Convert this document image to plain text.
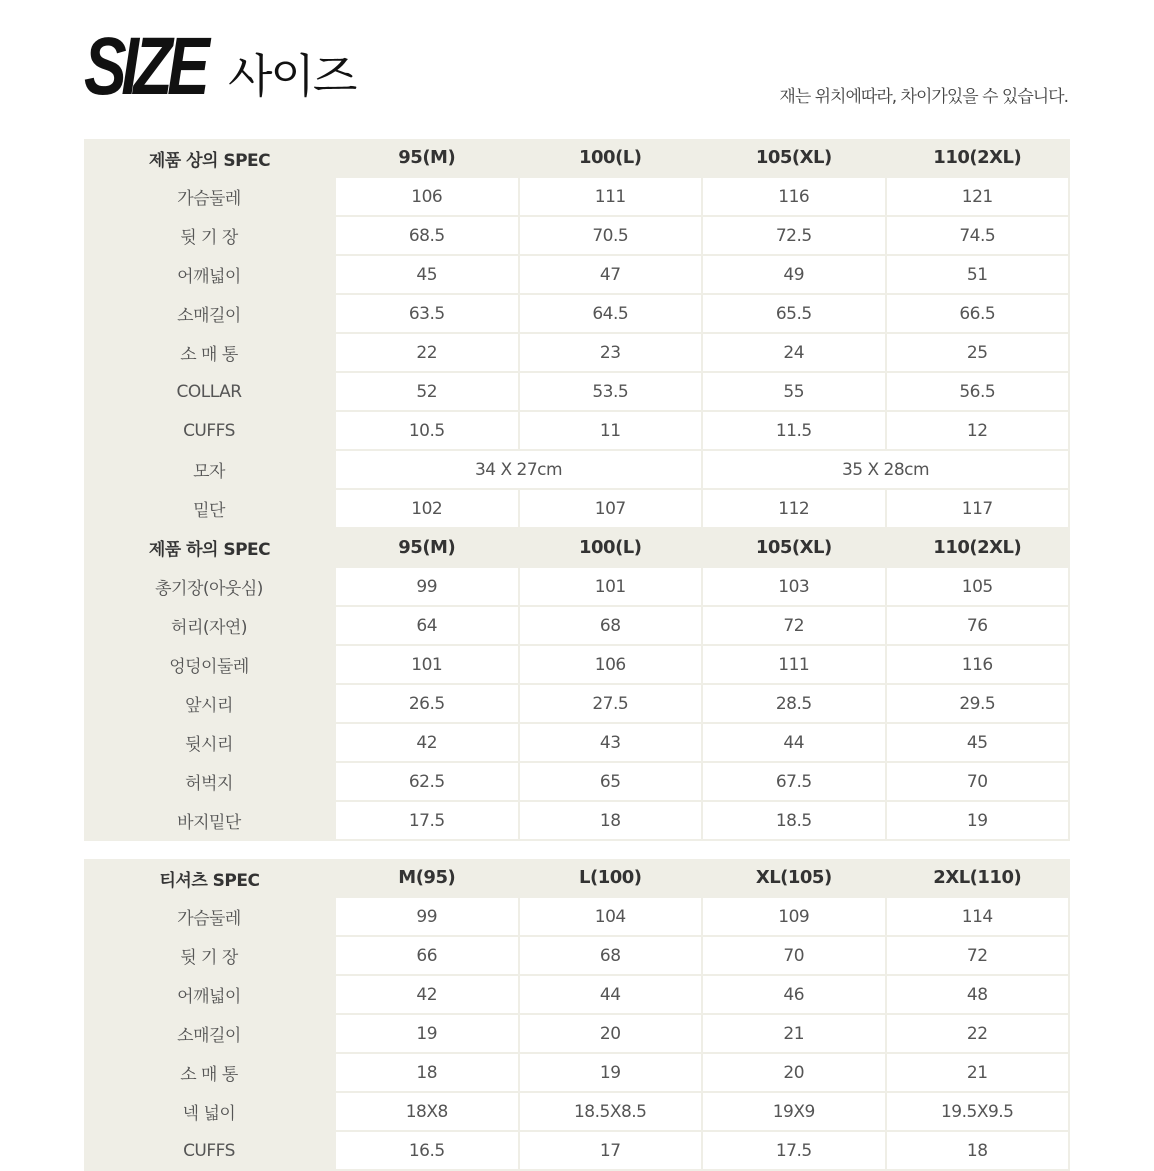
SIZE 사이즈	재는 위치에따라, 차이가있을 수 있습니다.
제품 상의 SPEC	95(M)	100(L)	105(XL)	110(2XL)
가슴둘레	106	111	116	121
뒷 기 장	68.5	70.5	72.5	74.5
어깨넓이	45	47	49	51
소매길이	63.5	64.5	65.5	66.5
소 매 통	22	23	24	25
COLLAR	52	53.5	55	56.5
CUFFS	10.5	11	11.5	12
모자	34 X 27cm		35 X 28cm	
밑단	102	107	112	117
제품 하의 SPEC	95(M)	100(L)	105(XL)	110(2XL)
총기장(아웃심)	99	101	103	105
허리(자연)	64	68	72	76
엉덩이둘레	101	106	111	116
앞시리	26.5	27.5	28.5	29.5
뒷시리	42	43	44	45
허벅지	62.5	65	67.5	70
바지밑단	17.5	18	18.5	19
티셔츠 SPEC	M(95)	L(100)	XL(105)	2XL(110)
가슴둘레	99	104	109	114
뒷 기 장	66	68	70	72
어깨넓이	42	44	46	48
소매길이	19	20	21	22
소 매 통	18	19	20	21
넥 넓이	18X8	18.5X8.5	19X9	19.5X9.5
CUFFS	16.5	17	17.5	18
